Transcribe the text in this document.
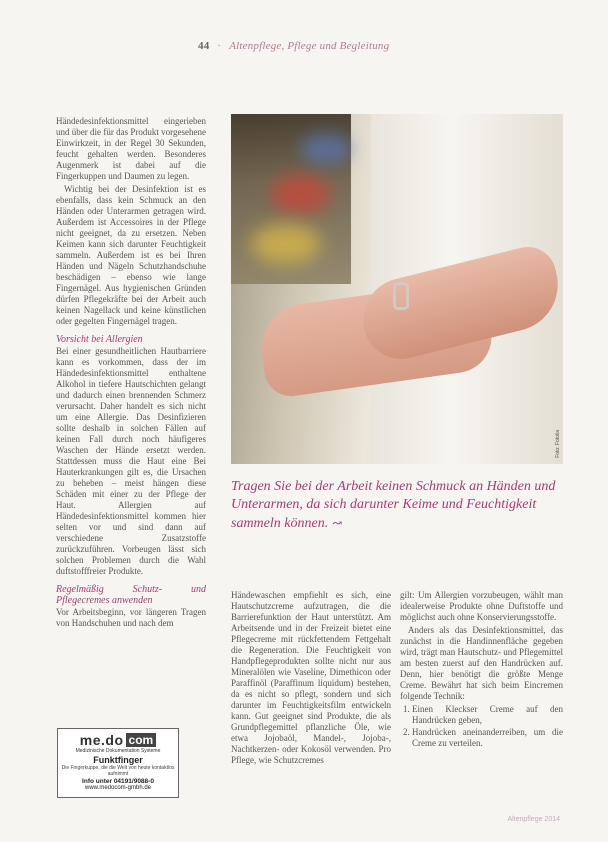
44 · Altenpflege, Pflege und Begleitung

Händedesinfektionsmittel eingerieben und über die für das Produkt vorgesehene Einwirkzeit, in der Regel 30 Sekunden, feucht gehalten werden. Besonderes Augenmerk ist dabei auf die Fingerkuppen und Daumen zu legen.

Wichtig bei der Desinfektion ist es ebenfalls, dass kein Schmuck an den Händen oder Unterarmen getragen wird. Außerdem ist Accessoires in der Pflege nicht geeignet, da zu ersetzen. Neben Keimen kann sich darunter Feuchtigkeit sammeln. Außerdem ist es bei Ihren Händen und Nägeln Schutzhandschuhe beschädigen – ebenso wie lange Fingernägel. Aus hygienischen Gründen dürfen Pflegekräfte bei der Arbeit auch keinen Nagellack und keine künstlichen oder gegelten Fingernägel tragen.

Vorsicht bei Allergien

Bei einer gesundheitlichen Hautbarriere kann es vorkommen, dass der im Händedesinfektionsmittel enthaltene Alkohol in tiefere Hautschichten gelangt und dadurch einen brennenden Schmerz verursacht. Daher handelt es sich nicht um eine Allergie. Das Desinfizieren sollte deshalb in solchen Fällen auf keinen Fall durch noch häufigeres Waschen der Hände ersetzt werden. Stattdessen muss die Haut eine Bei Hauterkrankungen gilt es, die Ursachen zu beheben – meist hängen diese Schäden mit einer zu der Pflege der Haut. Allergien auf Händedesinfektionsmittel kommen hier selten vor und sind dann auf verschiedene Zusatzstoffe zurückzuführen. Vorbeugen lässt sich solchen Problemen durch die Wahl duftstofffreier Produkte.

Regelmäßig Schutz- und Pflegecremes anwenden

Vor Arbeitsbeginn, vor längeren Tragen von Handschuhen und nach dem

me.do com
Medizinische Dokumentation Systeme
Funktfinger
Die Fingerkuppe, die die Welt von heute kontaktlos aufnimmt
Info unter 04191/9088-0
www.medocom-gmbh.de
Foto: Fotolia
Tragen Sie bei der Arbeit keinen Schmuck an Händen und Unterarmen, da sich darunter Keime und Feuchtigkeit sammeln können. ↝

Händewaschen empfiehlt es sich, eine Hautschutzcreme aufzutragen, die die Barrierefunktion der Haut unterstützt. Am Arbeitsende und in der Freizeit bietet eine Pflegecreme mit rückfettendem Fettgehalt die Regeneration. Die Feuchtigkeit von Handpflegeprodukten sollte nicht nur aus Mineralölen wie Vaseline, Dimethicon oder Paraffinöl (Paraffinum liquidum) bestehen, da es nicht so pflegt, sondern und sich darunter im Feuchtigkeitsfilm entwickeln kann. Gut geeignet sind Produkte, die als Grundpflegemittel pflanzliche Öle, wie etwa Jojobaöl, Mandel-, Jojoba-, Nachtkerzen- oder Kokosöl verwenden. Pro Pflege, wie Schutzcremes

gilt: Um Allergien vorzubeugen, wählt man idealerweise Produkte ohne Duftstoffe und möglichst auch ohne Konservierungsstoffe.

Anders als das Desinfektionsmittel, das zunächst in die Handinnenfläche gegeben wird, trägt man Hautschutz- und Pflegemittel am besten zuerst auf den Handrücken auf. Denn, hier benötigt die größte Menge Creme. Bewährt hat sich beim Eincremen folgende Technik:

1. Einen Kleckser Creme auf den Handrücken geben,
2. Handrücken aneinanderreiben, um die Creme zu verteilen.
Altenpflege 2014
